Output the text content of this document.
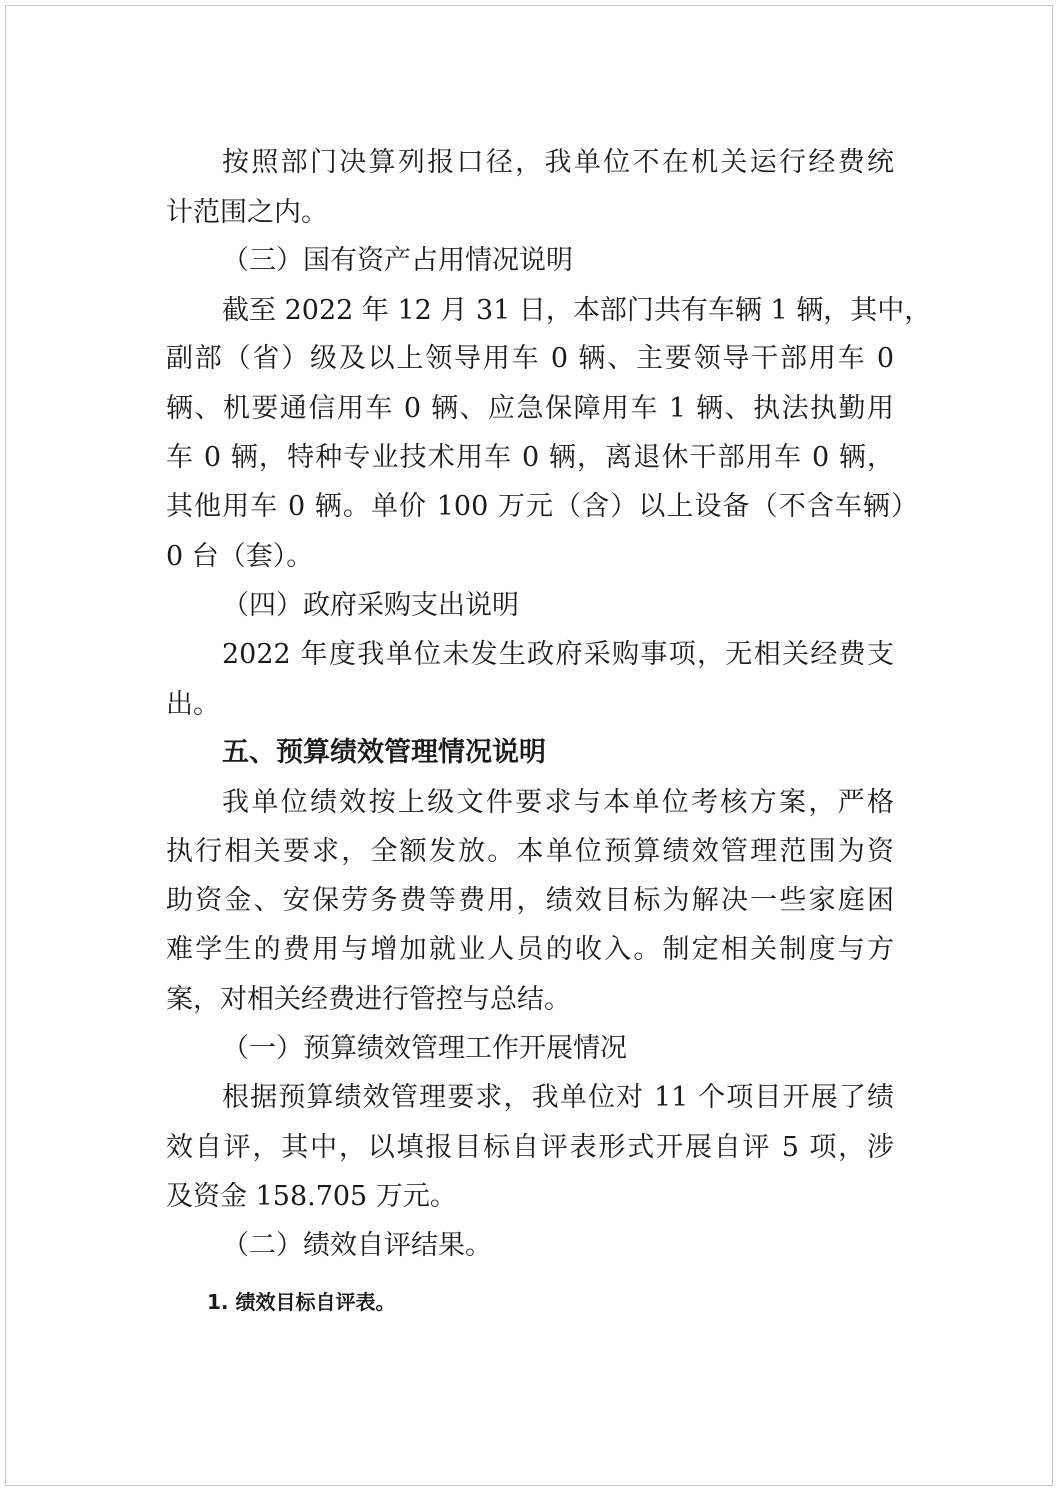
按照部门决算列报口径，我单位不在机关运行经费统

计范围之内。

（三）国有资产占用情况说明

截至 2022 年 12 月 31 日，本部门共有车辆 1 辆，其中，

副部（省）级及以上领导用车 0 辆、主要领导干部用车 0

辆、机要通信用车 0 辆、应急保障用车 1 辆、执法执勤用

车 0 辆，特种专业技术用车 0 辆，离退休干部用车 0 辆，

其他用车 0 辆。单价 100 万元（含）以上设备（不含车辆）

0 台（套）。

（四）政府采购支出说明

2022 年度我单位未发生政府采购事项，无相关经费支

出。

五、预算绩效管理情况说明

我单位绩效按上级文件要求与本单位考核方案，严格

执行相关要求，全额发放。本单位预算绩效管理范围为资

助资金、安保劳务费等费用，绩效目标为解决一些家庭困

难学生的费用与增加就业人员的收入。制定相关制度与方

案，对相关经费进行管控与总结。

（一）预算绩效管理工作开展情况

根据预算绩效管理要求，我单位对 11 个项目开展了绩

效自评，其中，以填报目标自评表形式开展自评 5 项，涉

及资金 158.705 万元。

（二）绩效自评结果。

1. 绩效目标自评表。
